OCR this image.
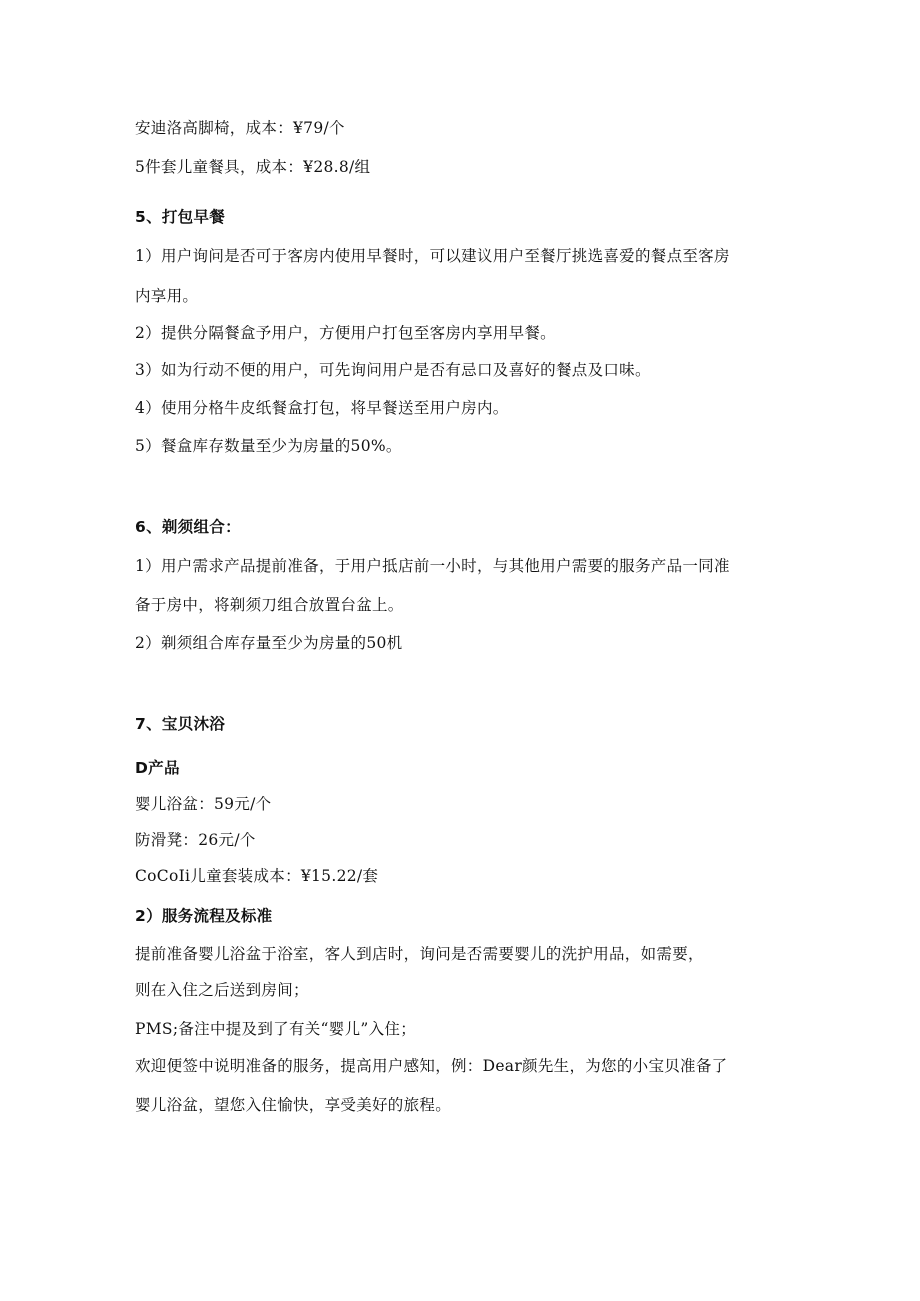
安迪洛高脚椅，成本：¥79/个
5件套儿童餐具，成本：¥28.8/组
5、打包早餐
1）用户询问是否可于客房内使用早餐时，可以建议用户至餐厅挑选喜爱的餐点至客房
内享用。
2）提供分隔餐盒予用户，方便用户打包至客房内享用早餐。
3）如为行动不便的用户，可先询问用户是否有忌口及喜好的餐点及口味。
4）使用分格牛皮纸餐盒打包，将早餐送至用户房内。
5）餐盒库存数量至少为房量的50%。
6、剃须组合：
1）用户需求产品提前准备，于用户抵店前一小时，与其他用户需要的服务产品一同准
备于房中，将剃须刀组合放置台盆上。
2）剃须组合库存量至少为房量的50机
7、宝贝沐浴
D产品
婴儿浴盆：59元/个
防滑凳：26元/个
CoCoIi儿童套装成本：¥15.22/套
2）服务流程及标准
提前准备婴儿浴盆于浴室，客人到店时，询问是否需要婴儿的洗护用品，如需要，
则在入住之后送到房间；
PMS;备注中提及到了有关“婴儿”入住；
欢迎便签中说明准备的服务，提高用户感知，例：Dear颜先生，为您的小宝贝准备了
婴儿浴盆，望您入住愉快，享受美好的旅程。
